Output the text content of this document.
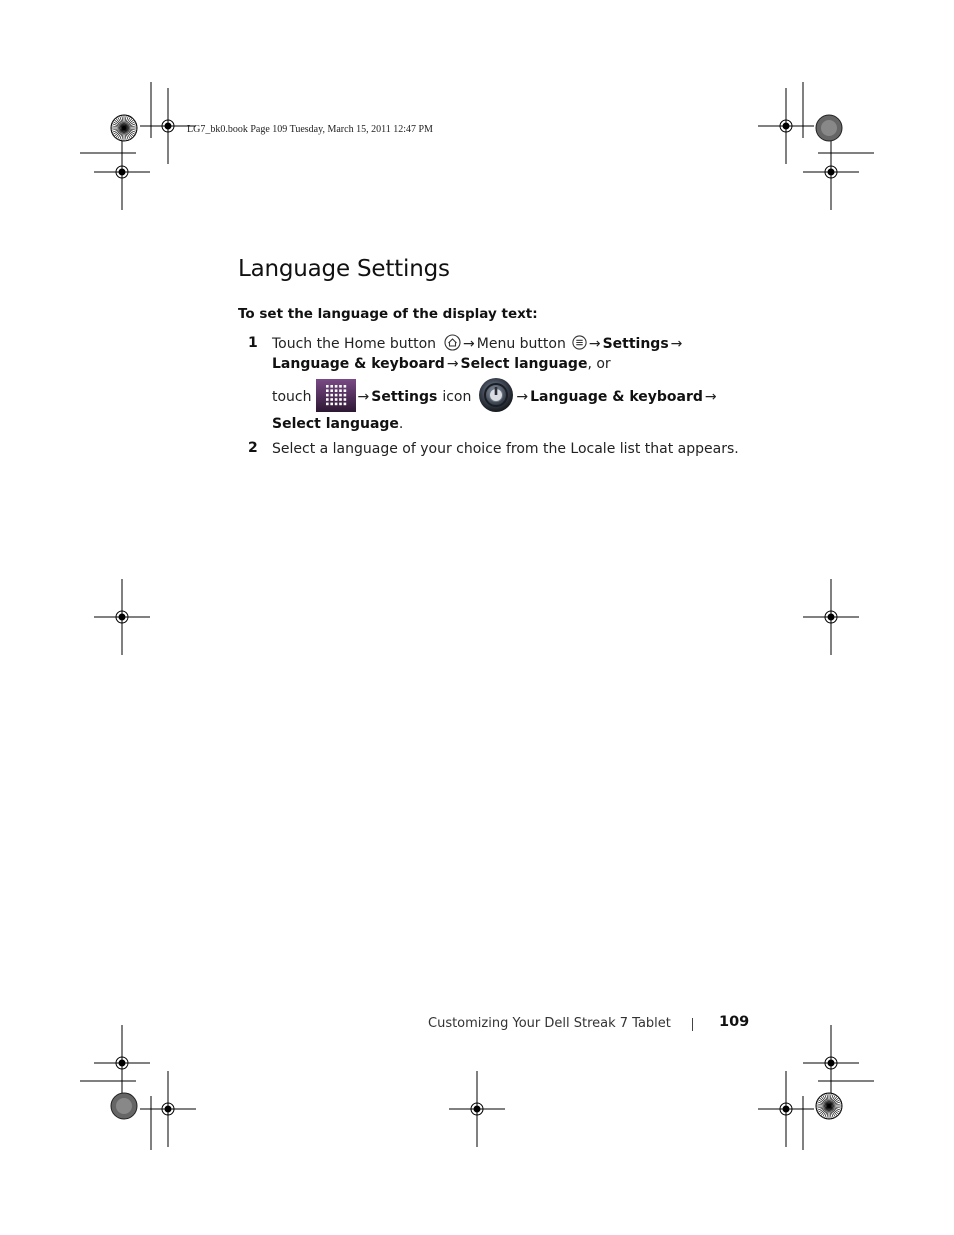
LG7_bk0.book Page 109 Tuesday, March 15, 2011 12:47 PM
Language Settings
To set the language of the display text:
1 Touch the Home button → Menu button → Settings →
Language & keyboard → Select language , or
touch	→ Settings icon	→ Language & keyboard →
Select language .
2 Select a language of your choice from the Locale list that appears.
Customizing Your Dell Streak 7 Tablet	109
